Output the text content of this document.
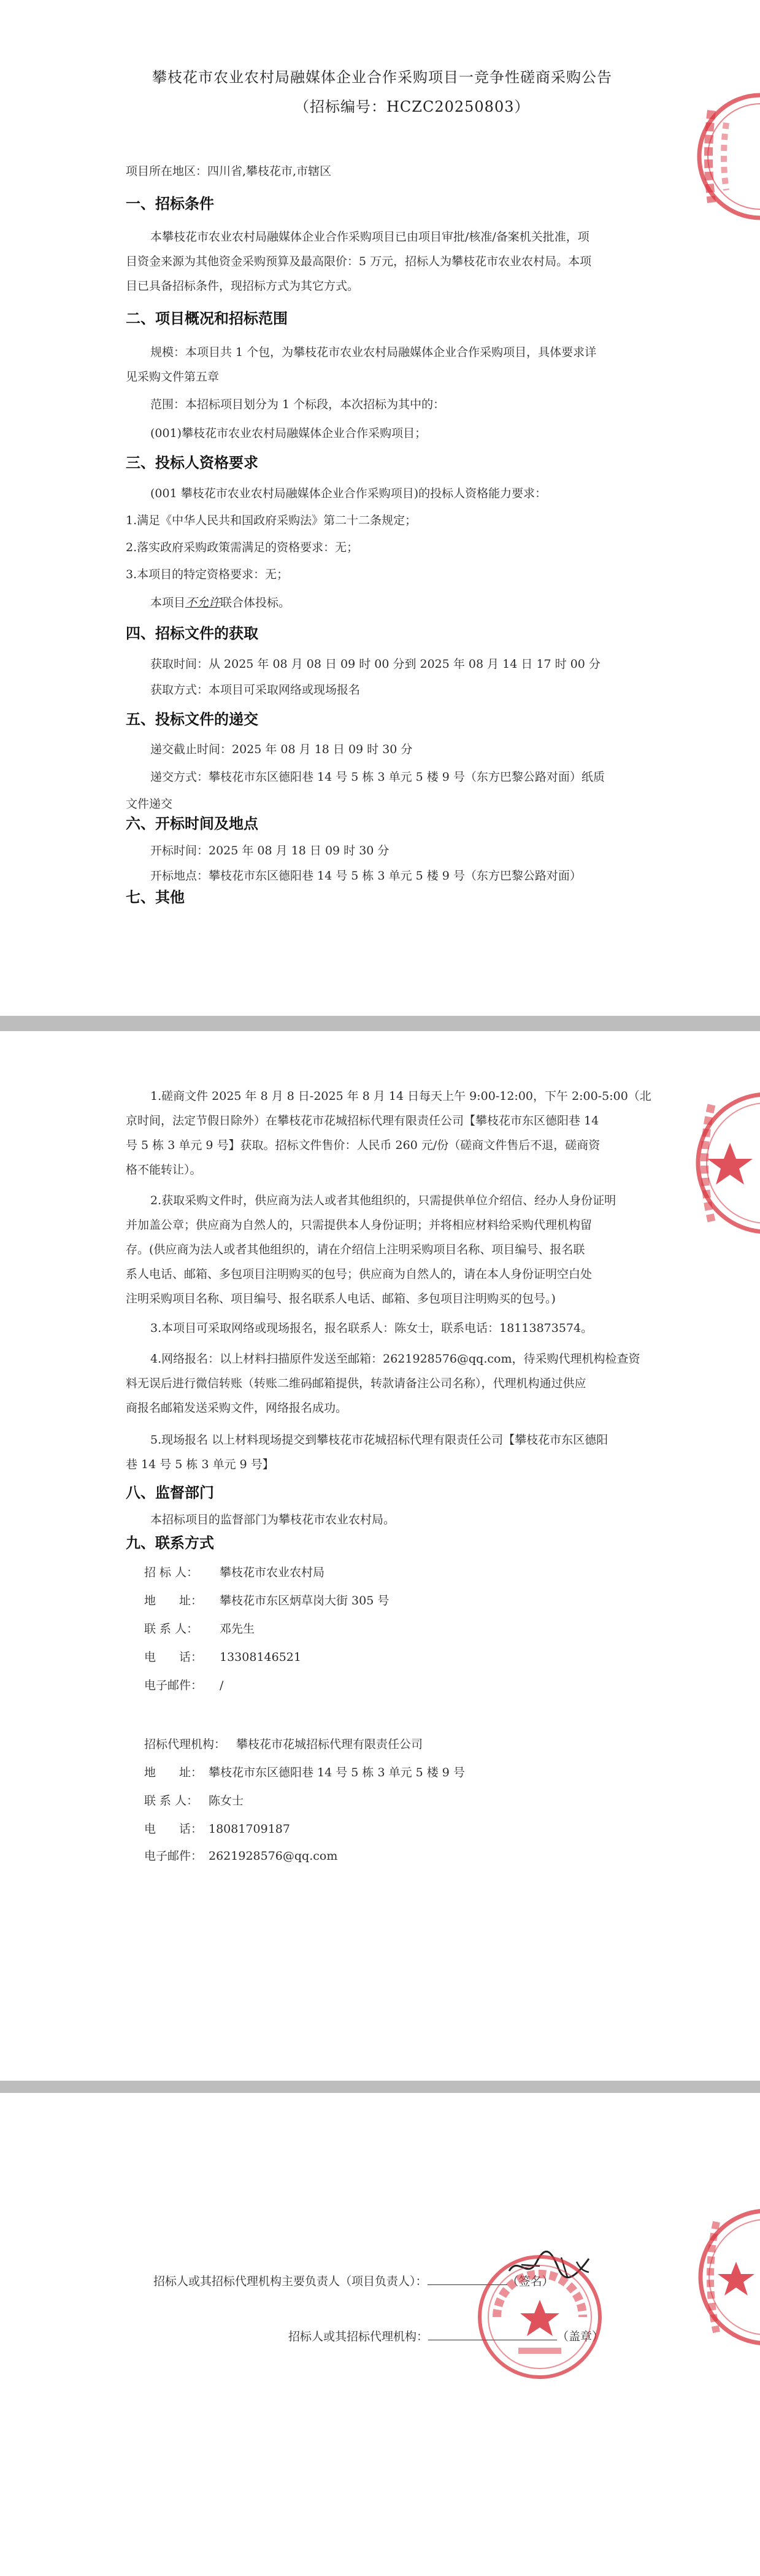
攀枝花市农业农村局融媒体企业合作采购项目一竞争性磋商采购公告
（招标编号：HCZC20250803）
项目所在地区：四川省,攀枝花市,市辖区
一、招标条件
本攀枝花市农业农村局融媒体企业合作采购项目已由项目审批/核准/备案机关批准，项
目资金来源为其他资金采购预算及最高限价：5 万元，招标人为攀枝花市农业农村局。本项
目已具备招标条件，现招标方式为其它方式。
二、项目概况和招标范围
规模：本项目共 1 个包，为攀枝花市农业农村局融媒体企业合作采购项目，具体要求详
见采购文件第五章
范围：本招标项目划分为 1 个标段，本次招标为其中的：
(001)攀枝花市农业农村局融媒体企业合作采购项目；
三、投标人资格要求
(001 攀枝花市农业农村局融媒体企业合作采购项目)的投标人资格能力要求：
1.满足《中华人民共和国政府采购法》第二十二条规定；
2.落实政府采购政策需满足的资格要求：无；
3.本项目的特定资格要求：无；
本项目不允许联合体投标。
四、招标文件的获取
获取时间：从 2025 年 08 月 08 日 09 时 00 分到 2025 年 08 月 14 日 17 时 00 分
获取方式：本项目可采取网络或现场报名
五、投标文件的递交
递交截止时间：2025 年 08 月 18 日 09 时 30 分
递交方式：攀枝花市东区德阳巷 14 号 5 栋 3 单元 5 楼 9 号（东方巴黎公路对面）纸质
文件递交
六、开标时间及地点
开标时间：2025 年 08 月 18 日 09 时 30 分
开标地点：攀枝花市东区德阳巷 14 号 5 栋 3 单元 5 楼 9 号（东方巴黎公路对面）
七、其他
1.磋商文件 2025 年 8 月 8 日-2025 年 8 月 14 日每天上午 9:00-12:00，下午 2:00-5:00（北
京时间，法定节假日除外）在攀枝花市花城招标代理有限责任公司【攀枝花市东区德阳巷 14
号 5 栋 3 单元 9 号】获取。招标文件售价：人民币 260 元/份（磋商文件售后不退，磋商资
格不能转让）。
2.获取采购文件时，供应商为法人或者其他组织的，只需提供单位介绍信、经办人身份证明
并加盖公章；供应商为自然人的，只需提供本人身份证明；并将相应材料给采购代理机构留
存。(供应商为法人或者其他组织的，请在介绍信上注明采购项目名称、项目编号、报名联
系人电话、邮箱、多包项目注明购买的包号；供应商为自然人的，请在本人身份证明空白处
注明采购项目名称、项目编号、报名联系人电话、邮箱、多包项目注明购买的包号。)
3.本项目可采取网络或现场报名，报名联系人：陈女士，联系电话：18113873574。
4.网络报名：以上材料扫描原件发送至邮箱：2621928576@qq.com，待采购代理机构检查资
料无误后进行微信转账（转账二维码邮箱提供，转款请备注公司名称），代理机构通过供应
商报名邮箱发送采购文件，网络报名成功。
5.现场报名 以上材料现场提交到攀枝花市花城招标代理有限责任公司【攀枝花市东区德阳
巷 14 号 5 栋 3 单元 9 号】
八、监督部门
本招标项目的监督部门为攀枝花市农业农村局。
九、联系方式
招 标 人： 攀枝花市农业农村局
地　　址： 攀枝花市东区炳草岗大街 305 号
联 系 人： 邓先生
电　　话： 13308146521
电子邮件： /
招标代理机构： 攀枝花市花城招标代理有限责任公司
地　　址： 攀枝花市东区德阳巷 14 号 5 栋 3 单元 5 楼 9 号
联 系 人： 陈女士
电　　话： 18081709187
电子邮件： 2621928576@qq.com
招标人或其招标代理机构主要负责人（项目负责人）：	（签名）
招标人或其招标代理机构：	（盖章）
